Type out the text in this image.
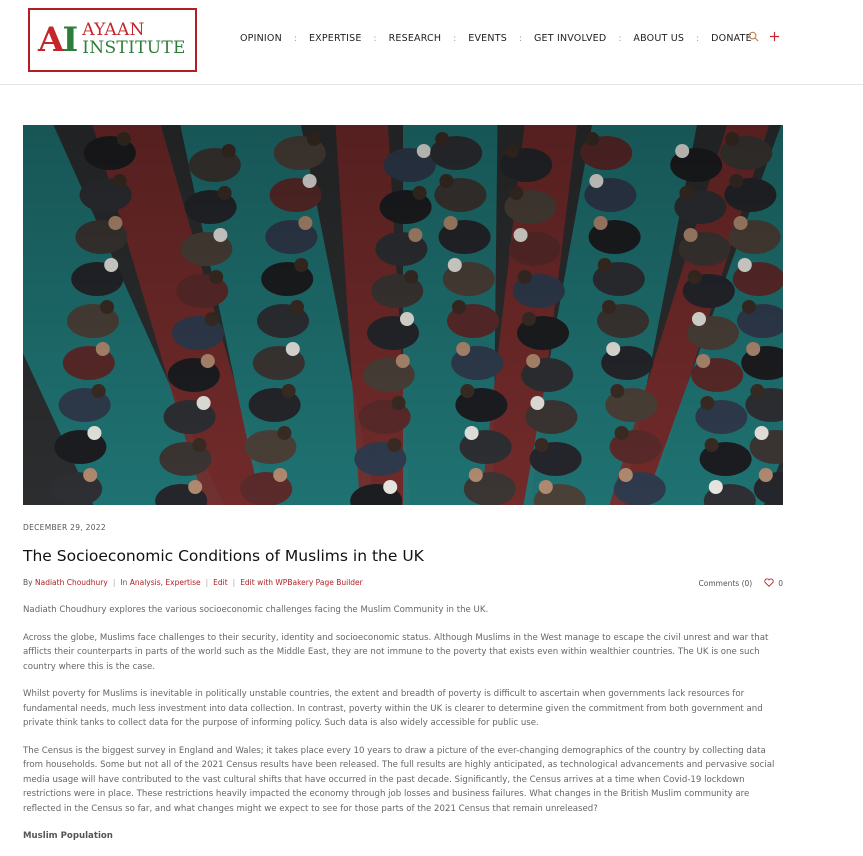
AI AYAAN
INSTITUTE	OPINION : EXPERTISE : RESEARCH : EVENTS : GET INVOLVED : ABOUT US : DONATE
DECEMBER 29, 2022
The Socioeconomic Conditions of Muslims in the UK
By
Nadiath Choudhury | In
Analysis, Expertise | Edit | Edit with WPBakery Page Builder	Comments (0)	0

Nadiath Choudhury explores the various socioeconomic challenges facing the Muslim Community in the UK.

Across the globe, Muslims face challenges to their security, identity and socioeconomic status. Although Muslims in the West manage to escape the civil unrest and war that afflicts their counterparts in parts of the world such as the Middle East, they are not immune to the poverty that exists even within wealthier countries. The UK is one such country where this is the case.

Whilst poverty for Muslims is inevitable in politically unstable countries, the extent and breadth of poverty is difficult to ascertain when governments lack resources for fundamental needs, much less investment into data collection. In contrast, poverty within the UK is clearer to determine given the commitment from both government and private think tanks to collect data for the purpose of informing policy. Such data is also widely accessible for public use.

The Census is the biggest survey in England and Wales; it takes place every 10 years to draw a picture of the ever-changing demographics of the country by collecting data from households. Some but not all of the 2021 Census results have been released. The full results are highly anticipated, as technological advancements and pervasive social media usage will have contributed to the vast cultural shifts that have occurred in the past decade. Significantly, the Census arrives at a time when Covid-19 lockdown restrictions were in place. These restrictions heavily impacted the economy through job losses and business failures. What changes in the British Muslim community are reflected in the Census so far, and what changes might we expect to see for those parts of the 2021 Census that remain unreleased?

Muslim Population
